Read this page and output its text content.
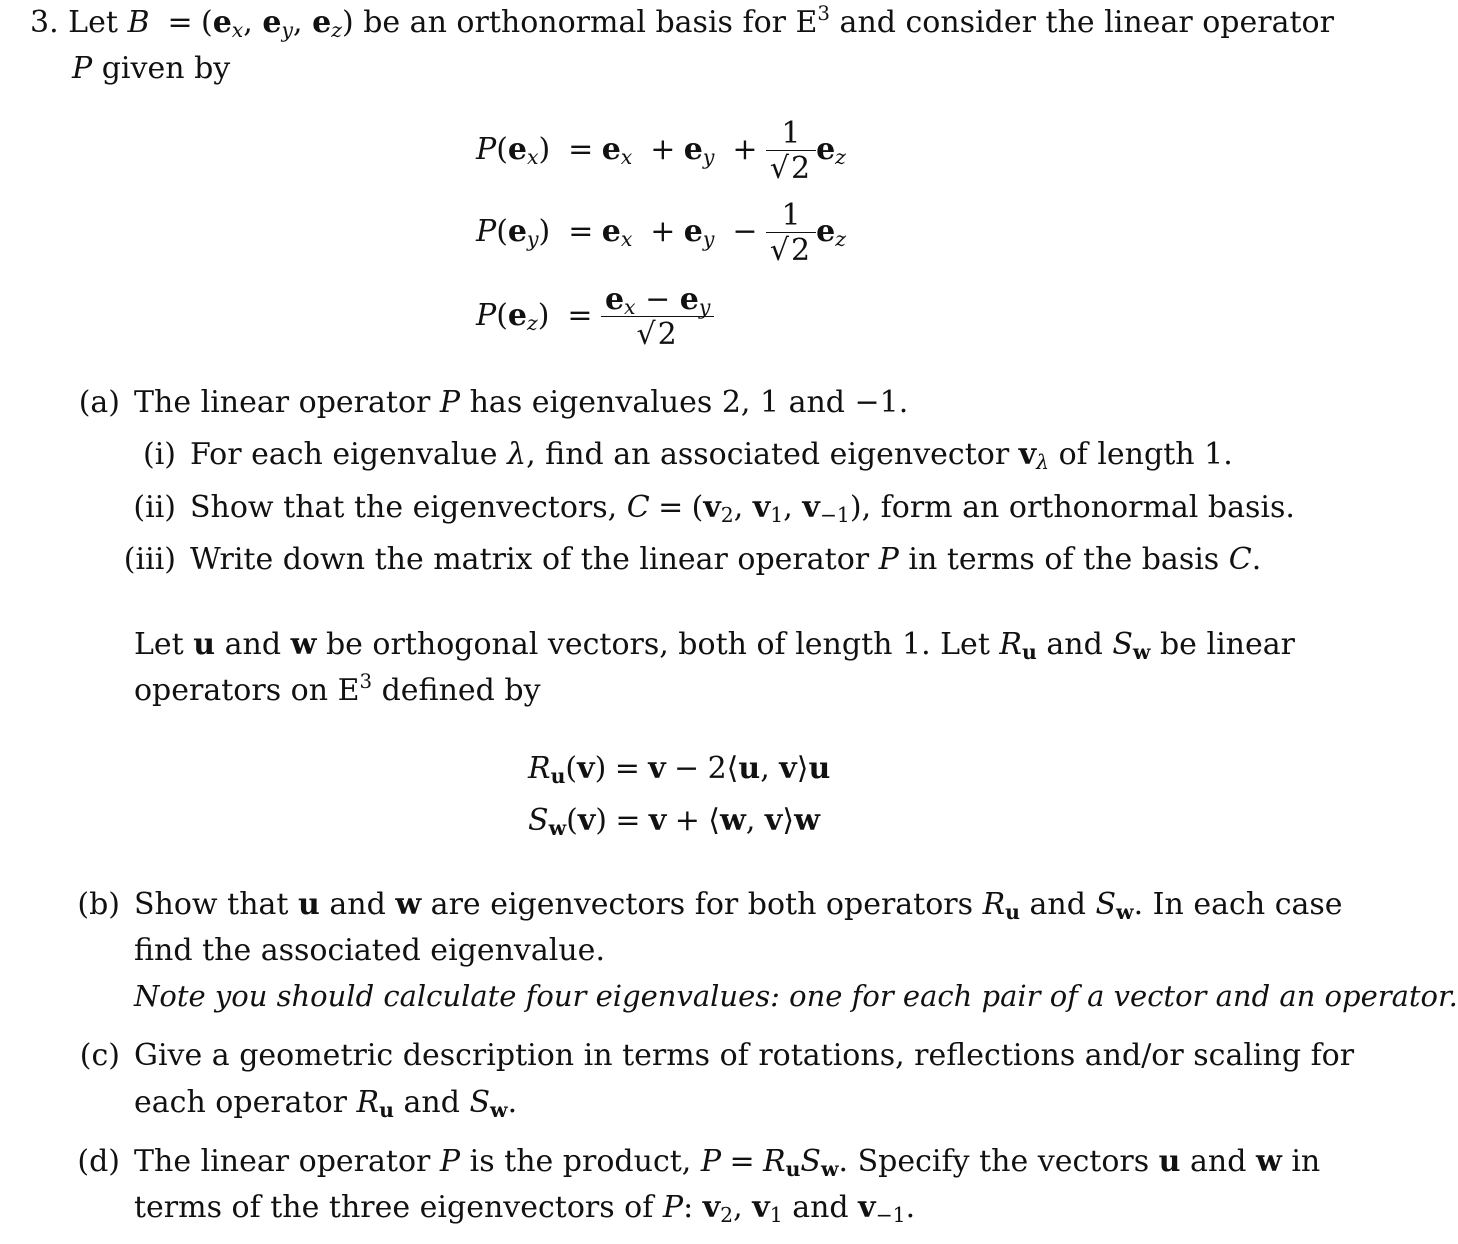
3. Let $B = (e_x$, $e_y$, $e_z$) be an orthonormal basis for $E^3$ and consider the linear operator
P given by
$P(e_x) = e_x + e_y + \frac{1}{√2} e_z$
$P(e_y) = e_x + e_y - \frac{1}{√2} e_z$
$P(e_z) = \frac{e_x - e_y}{√2}$
(a) The linear operator P has eigenvalues 2, 1 and −1.
(i) For each eigenvalue λ, find an associated eigenvector $v_\lambda$ of length 1.
(ii) Show that the eigenvectors, $C = (v_2$, $v_1$, $v_{-1}$), form an orthonormal basis.
(iii) Write down the matrix of the linear operator P in terms of the basis C.
Let u and w be orthogonal vectors, both of length 1. Let $R_u$ and $S_w$ be linear
operators on $E^3$ defined by
$R_u(v) = v$ − 2⟨u, v⟩u
$S_w(v) = v$ + ⟨w, v⟩w
(b) Show that u and w are eigenvectors for both operators $R_u$ and $S_w$. In each case
find the associated eigenvalue.
Note you should calculate four eigenvalues: one for each pair of a vector and an operator.
(c) Give a geometric description in terms of rotations, reflections and/or scaling for
each operator $R_u$ and $S_w$.
(d) The linear operator P is the product, $P = R_uS_w$. Specify the vectors u and w in
terms of the three eigenvectors of P: $v_2$, $v_1$ and $v_{-1}$.
